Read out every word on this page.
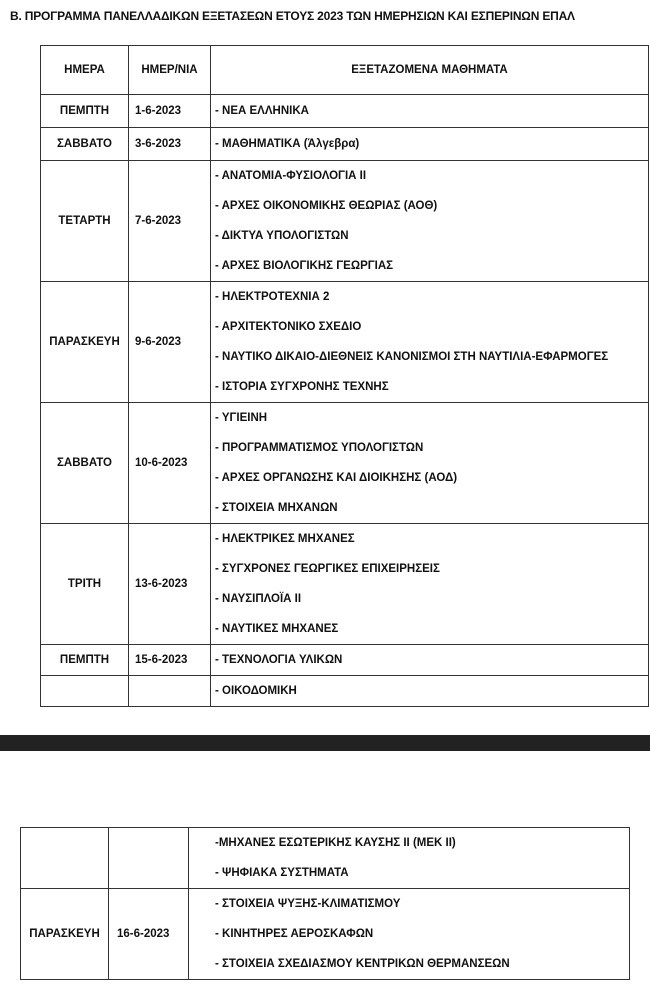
Β. ΠΡΟΓΡΑΜΜΑ ΠΑΝΕΛΛΑΔΙΚΩΝ ΕΞΕΤΑΣΕΩΝ ΕΤΟΥΣ 2023 ΤΩΝ ΗΜΕΡΗΣΙΩΝ ΚΑΙ ΕΣΠΕΡΙΝΩΝ ΕΠΑΛ
ΗΜΕΡΑ	ΗΜΕΡ/ΝΙΑ	ΕΞΕΤΑΖΟΜΕΝΑ ΜΑΘΗΜΑΤΑ
ΠΕΜΠΤΗ	1-6-2023	- ΝΕΑ ΕΛΛΗΝΙΚΑ

ΣΑΒΒΑΤΟ	3-6-2023	- ΜΑΘΗΜΑΤΙΚΑ (Άλγεβρα)

ΤΕΤΑΡΤΗ	7-6-2023	- ΑΝΑΤΟΜΙΑ-ΦΥΣΙΟΛΟΓΙΑ ΙΙ
- ΑΡΧΕΣ ΟΙΚΟΝΟΜΙΚΗΣ ΘΕΩΡΙΑΣ (ΑΟΘ)
- ΔΙΚΤΥΑ ΥΠΟΛΟΓΙΣΤΩΝ
- ΑΡΧΕΣ ΒΙΟΛΟΓΙΚΗΣ ΓΕΩΡΓΙΑΣ

ΠΑΡΑΣΚΕΥΗ	9-6-2023	- ΗΛΕΚΤΡΟΤΕΧΝΙΑ 2
- ΑΡΧΙΤΕΚΤΟΝΙΚΟ ΣΧΕΔΙΟ
- ΝΑΥΤΙΚΟ ΔΙΚΑΙΟ-ΔΙΕΘΝΕΙΣ ΚΑΝΟΝΙΣΜΟΙ ΣΤΗ ΝΑΥΤΙΛΙΑ-ΕΦΑΡΜΟΓΕΣ
- ΙΣΤΟΡΙΑ ΣΥΓΧΡΟΝΗΣ ΤΕΧΝΗΣ

ΣΑΒΒΑΤΟ	10-6-2023	- ΥΓΙΕΙΝΗ
- ΠΡΟΓΡΑΜΜΑΤΙΣΜΟΣ ΥΠΟΛΟΓΙΣΤΩΝ
- ΑΡΧΕΣ ΟΡΓΑΝΩΣΗΣ ΚΑΙ ΔΙΟΙΚΗΣΗΣ (ΑΟΔ)
- ΣΤΟΙΧΕΙΑ ΜΗΧΑΝΩΝ

ΤΡΙΤΗ	13-6-2023	- ΗΛΕΚΤΡΙΚΕΣ ΜΗΧΑΝΕΣ
- ΣΥΓΧΡΟΝΕΣ ΓΕΩΡΓΙΚΕΣ ΕΠΙΧΕΙΡΗΣΕΙΣ
- ΝΑΥΣΙΠΛΟΪΑ ΙΙ
- ΝΑΥΤΙΚΕΣ ΜΗΧΑΝΕΣ

ΠΕΜΠΤΗ	15-6-2023	- ΤΕΧΝΟΛΟΓΙΑ ΥΛΙΚΩΝ

		- ΟΙΚΟΔΟΜΙΚΗ

		-ΜΗΧΑΝΕΣ ΕΣΩΤΕΡΙΚΗΣ ΚΑΥΣΗΣ ΙΙ (ΜΕΚ ΙΙ)
- ΨΗΦΙΑΚΑ ΣΥΣΤΗΜΑΤΑ

ΠΑΡΑΣΚΕΥΗ	16-6-2023	- ΣΤΟΙΧΕΙΑ ΨΥΞΗΣ-ΚΛΙΜΑΤΙΣΜΟΥ
- ΚΙΝΗΤΗΡΕΣ ΑΕΡΟΣΚΑΦΩΝ
- ΣΤΟΙΧΕΙΑ ΣΧΕΔΙΑΣΜΟΥ ΚΕΝΤΡΙΚΩΝ ΘΕΡΜΑΝΣΕΩΝ
